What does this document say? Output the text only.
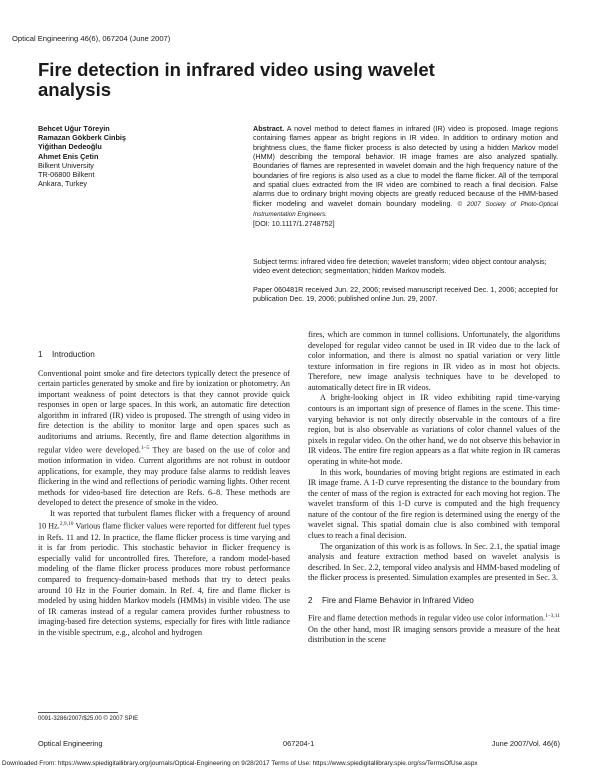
Optical Engineering 46(6), 067204 (June 2007)
Fire detection in infrared video using wavelet analysis
Behcet Uğur Töreyin
Ramazan Gökberk Cinbiş
Yiğithan Dedeoğlu
Ahmet Enis Çetin
Bilkent University
TR-06800 Bilkent
Ankara, Turkey
Abstract. A novel method to detect flames in infrared (IR) video is proposed. Image regions containing flames appear as bright regions in IR video. In addition to ordinary motion and brightness clues, the flame flicker process is also detected by using a hidden Markov model (HMM) describing the temporal behavior. IR image frames are also analyzed spatially. Boundaries of flames are represented in wavelet domain and the high frequency nature of the boundaries of fire regions is also used as a clue to model the flame flicker. All of the temporal and spatial clues extracted from the IR video are combined to reach a final decision. False alarms due to ordinary bright moving objects are greatly reduced because of the HMM-based flicker modeling and wavelet domain boundary modeling. © 2007 Society of Photo-Optical Instrumentation Engineers.
[DOI: 10.1117/1.2748752]
Subject terms: infrared video fire detection; wavelet transform; video object contour analysis; video event detection; segmentation; hidden Markov models.
Paper 060481R received Jun. 22, 2006; revised manuscript received Dec. 1, 2006; accepted for publication Dec. 19, 2006; published online Jun. 29, 2007.
1 Introduction

Conventional point smoke and fire detectors typically detect the presence of certain particles generated by smoke and fire by ionization or photometry. An important weakness of point detectors is that they cannot provide quick responses in open or large spaces. In this work, an automatic fire detection algorithm in infrared (IR) video is proposed. The strength of using video in fire detection is the ability to monitor large and open spaces such as auditoriums and atriums. Recently, fire and flame detection algorithms in regular video were developed.$^{1-5}$ They are based on the use of color and motion information in video. Current algorithms are not robust in outdoor applications, for example, they may produce false alarms to reddish leaves flickering in the wind and reflections of periodic warning lights. Other recent methods for video-based fire detection are Refs. 6–8. These methods are developed to detect the presence of smoke in the video.

It was reported that turbulent flames flicker with a frequency of around 10 Hz.$^{2,9,10}$ Various flame flicker values were reported for different fuel types in Refs. 11 and 12. In practice, the flame flicker process is time varying and it is far from periodic. This stochastic behavior in flicker frequency is especially valid for uncontrolled fires. Therefore, a random model-based modeling of the flame flicker process produces more robust performance compared to frequency-domain-based methods that try to detect peaks around 10 Hz in the Fourier domain. In Ref. 4, fire and flame flicker is modeled by using hidden Markov models (HMMs) in visible video. The use of IR cameras instead of a regular camera provides further robustness to imaging-based fire detection systems, especially for fires with little radiance in the visible spectrum, e.g., alcohol and hydrogen

fires, which are common in tunnel collisions. Unfortunately, the algorithms developed for regular video cannot be used in IR video due to the lack of color information, and there is almost no spatial variation or very little texture information in fire regions in IR video as in most hot objects. Therefore, new image analysis techniques have to be developed to automatically detect fire in IR videos.

A bright-looking object in IR video exhibiting rapid time-varying contours is an important sign of presence of flames in the scene. This time-varying behavior is not only directly observable in the contours of a fire region, but is also observable as variations of color channel values of the pixels in regular video. On the other hand, we do not observe this behavior in IR videos. The entire fire region appears as a flat white region in IR cameras operating in white-hot mode.

In this work, boundaries of moving bright regions are estimated in each IR image frame. A 1-D curve representing the distance to the boundary from the center of mass of the region is extracted for each moving hot region. The wavelet transform of this 1-D curve is computed and the high frequency nature of the contour of the fire region is determined using the energy of the wavelet signal. This spatial domain clue is also combined with temporal clues to reach a final decision.

The organization of this work is as follows. In Sec. 2.1, the spatial image analysis and feature extraction method based on wavelet analysis is described. In Sec. 2.2, temporal video analysis and HMM-based modeling of the flicker process is presented. Simulation examples are presented in Sec. 3.

2 Fire and Flame Behavior in Infrared Video

Fire and flame detection methods in regular video use color information.$^{1-3,11}$ On the other hand, most IR imaging sensors provide a measure of the heat distribution in the scene

0091-3286/2007/$25.00 © 2007 SPIE
Optical Engineering	067204-1	June 2007/Vol. 46(6)
Downloaded From: https://www.spiedigitallibrary.org/journals/Optical-Engineering on 9/28/2017 Terms of Use: https://www.spiedigitallibrary.spie.org/ss/TermsOfUse.aspx
